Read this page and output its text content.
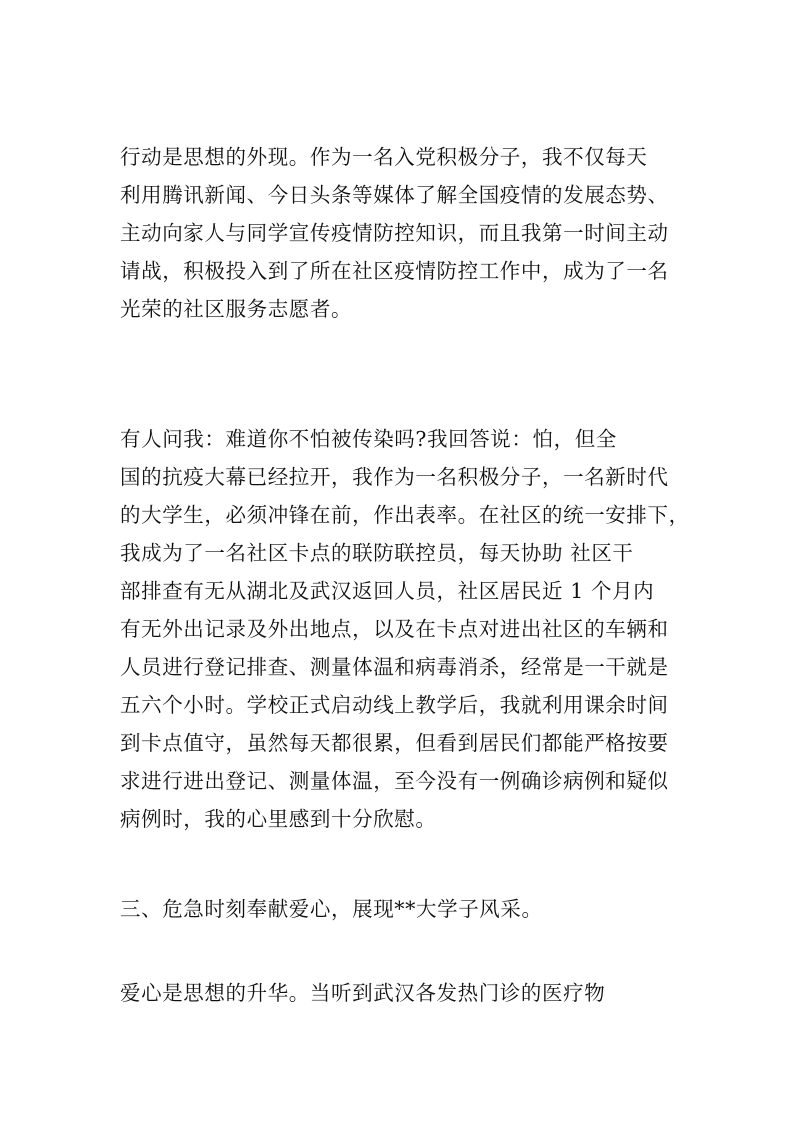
行动是思想的外现。作为一名入党积极分子，我不仅每天
利用腾讯新闻、今日头条等媒体了解全国疫情的发展态势、
主动向家人与同学宣传疫情防控知识，而且我第一时间主动
请战，积极投入到了所在社区疫情防控工作中，成为了一名
光荣的社区服务志愿者。
有人问我：难道你不怕被传染吗?我回答说：怕，但全
国的抗疫大幕已经拉开，我作为一名积极分子，一名新时代
的大学生，必须冲锋在前，作出表率。在社区的统一安排下，
我成为了一名社区卡点的联防联控员，每天协助 社区干
部排查有无从湖北及武汉返回人员，社区居民近 1 个月内
有无外出记录及外出地点，以及在卡点对进出社区的车辆和
人员进行登记排查、测量体温和病毒消杀，经常是一干就是
五六个小时。学校正式启动线上教学后，我就利用课余时间
到卡点值守，虽然每天都很累，但看到居民们都能严格按要
求进行进出登记、测量体温，至今没有一例确诊病例和疑似
病例时，我的心里感到十分欣慰。
三、危急时刻奉献爱心，展现**大学子风采。
爱心是思想的升华。当听到武汉各发热门诊的医疗物
